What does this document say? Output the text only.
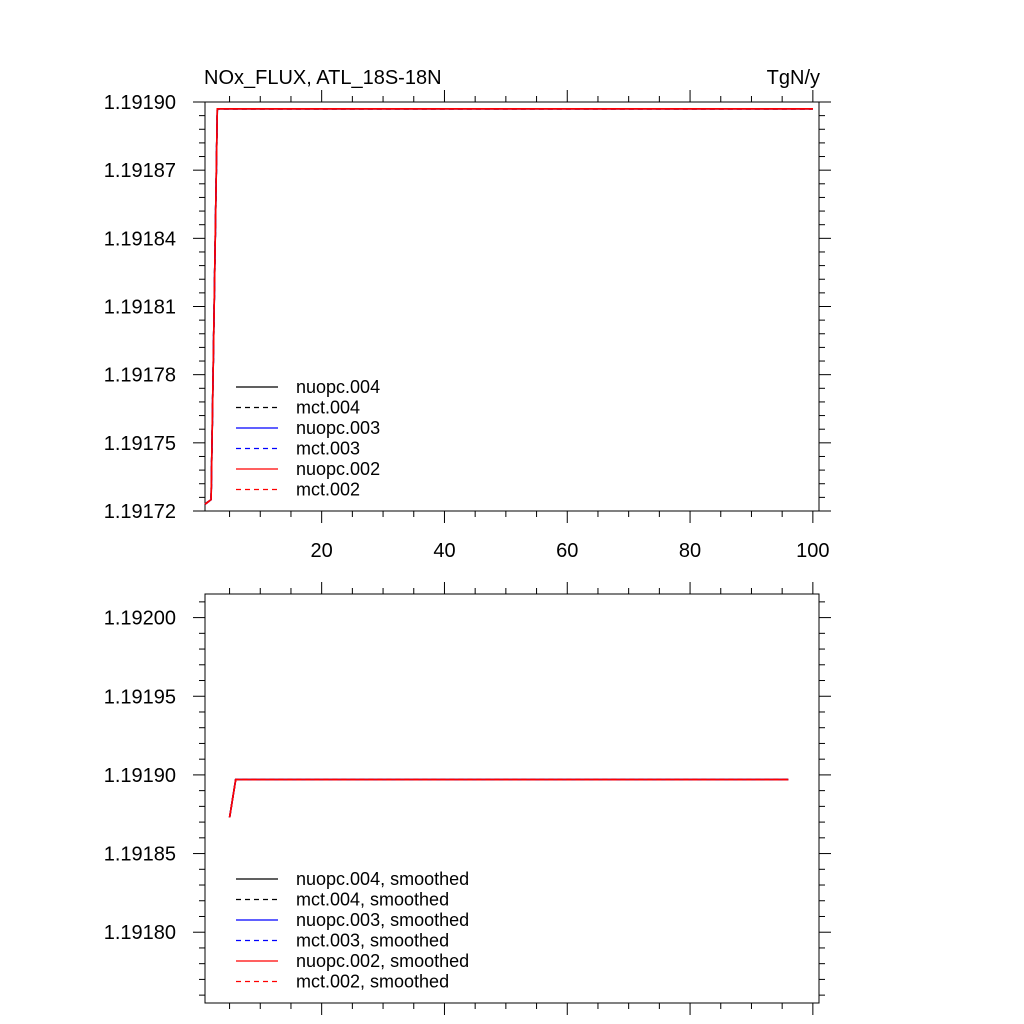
NOx_FLUX, ATL_18S-18N	TgN/y
20	40	60	80	100
1.19172
1.19175
1.19178
1.19181
1.19184
1.19187
1.19190
nuopc.004
mct.004
nuopc.003
mct.003
nuopc.002
mct.002
1.19180
1.19185
1.19190
1.19195
1.19200
nuopc.004, smoothed
mct.004, smoothed
nuopc.003, smoothed
mct.003, smoothed
nuopc.002, smoothed
mct.002, smoothed
